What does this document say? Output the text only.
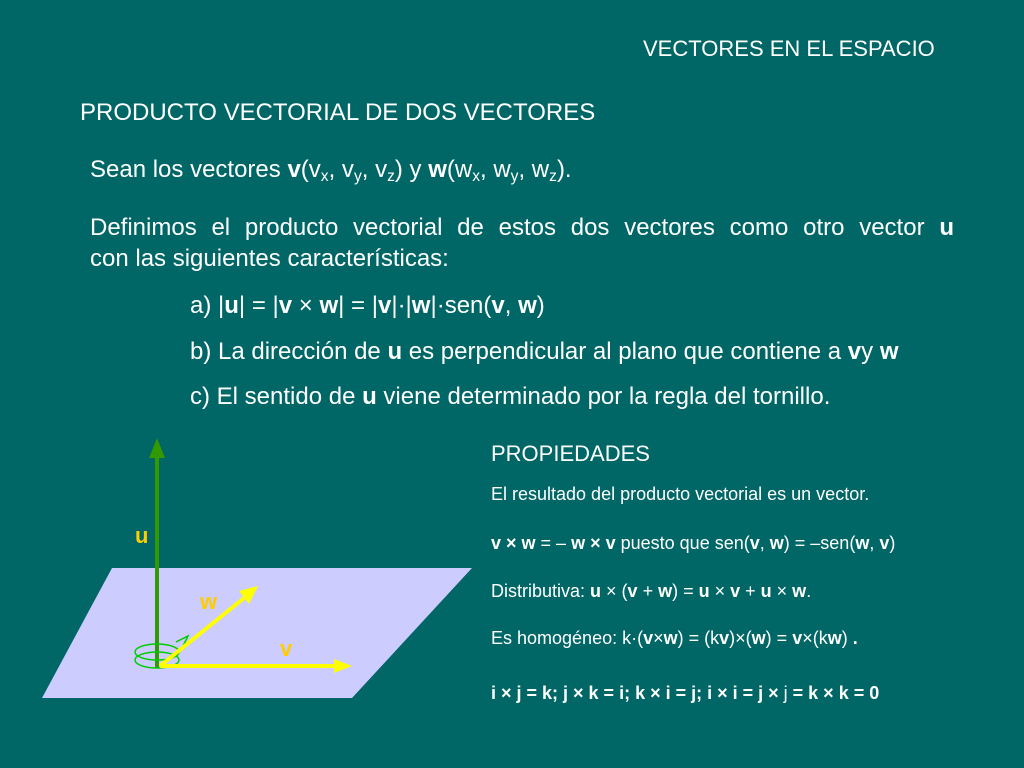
VECTORES EN EL ESPACIO
PRODUCTO VECTORIAL DE DOS VECTORES
Sean los vectores $v(v_x$, $v_y$, $v_z$) y $w(w_x$, $w_y$, $w_z$).
Definimos el producto vectorial de estos dos vectores como otro vector u
con las siguientes características:
a) |u| = |v × w| = |v|·|w|·sen(v, w)
b) La dirección de u es perpendicular al plano que contiene a vy w
c) El sentido de u viene determinado por la regla del tornillo.
u
w
v
PROPIEDADES
El resultado del producto vectorial es un vector.
v × w = – w × v puesto que sen(v, w) = –sen(w, v)
Distributiva: u × (v + w) = u × v + u × w.
Es homogéneo: k·(v×w) = (kv)×(w) = v×(kw) .
i × j = k; j × k = i; k × i = j; i × i = j × j = k × k = 0
